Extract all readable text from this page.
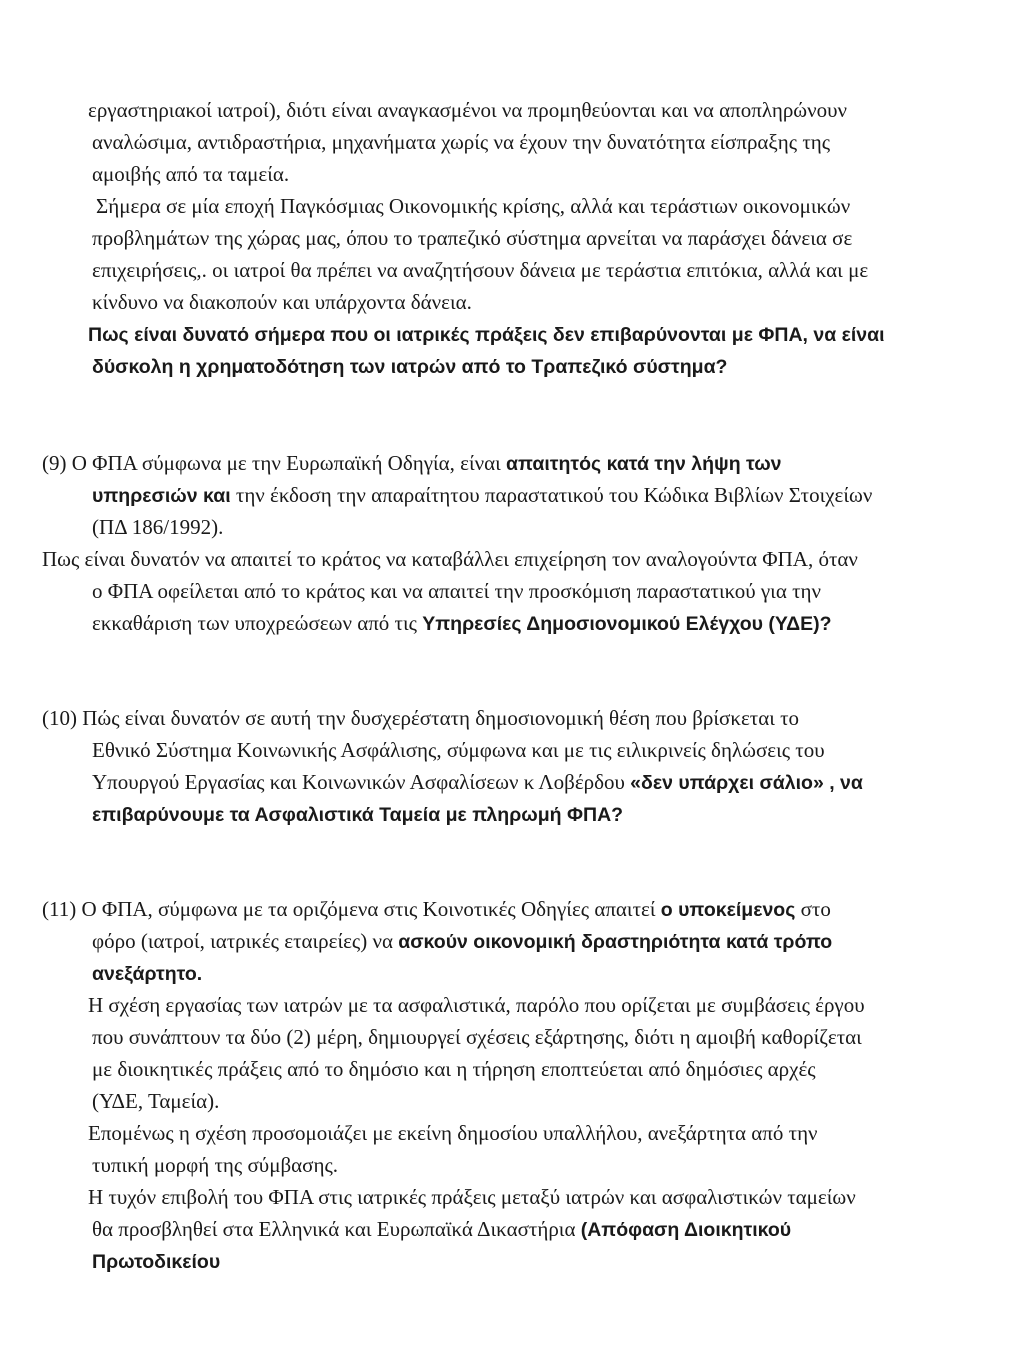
εργαστηριακοί ιατροί), διότι είναι αναγκασμένοι να προμηθεύονται και να αποπληρώνουν
αναλώσιμα, αντιδραστήρια, μηχανήματα χωρίς να έχουν την δυνατότητα είσπραξης της
αμοιβής από τα ταμεία.
Σήμερα σε μία εποχή Παγκόσμιας Οικονομικής κρίσης, αλλά και τεράστιων οικονομικών
προβλημάτων της χώρας μας, όπου το τραπεζικό σύστημα αρνείται να παράσχει δάνεια σε
επιχειρήσεις,. οι ιατροί θα πρέπει να αναζητήσουν δάνεια με τεράστια επιτόκια, αλλά και με
κίνδυνο να διακοπούν και υπάρχοντα δάνεια.
Πως είναι δυνατό σήμερα που οι ιατρικές πράξεις δεν επιβαρύνονται με ΦΠΑ, να είναι
δύσκολη η χρηματοδότηση των ιατρών από το Τραπεζικό σύστημα?
(9) Ο ΦΠΑ σύμφωνα με την Ευρωπαϊκή Οδηγία, είναι απαιτητός κατά την λήψη των
υπηρεσιών και την έκδοση την απαραίτητου παραστατικού του Κώδικα Βιβλίων Στοιχείων
(ΠΔ 186/1992).
Πως είναι δυνατόν να απαιτεί το κράτος να καταβάλλει επιχείρηση τον αναλογούντα ΦΠΑ, όταν
ο ΦΠΑ οφείλεται από το κράτος και να απαιτεί την προσκόμιση παραστατικού για την
εκκαθάριση των υποχρεώσεων από τις Υπηρεσίες Δημοσιονομικού Ελέγχου (ΥΔΕ)?
(10) Πώς είναι δυνατόν σε αυτή την δυσχερέστατη δημοσιονομική θέση που βρίσκεται το
Εθνικό Σύστημα Κοινωνικής Ασφάλισης, σύμφωνα και με τις ειλικρινείς δηλώσεις του
Υπουργού Εργασίας και Κοινωνικών Ασφαλίσεων κ Λοβέρδου «δεν υπάρχει σάλιο» , να
επιβαρύνουμε τα Ασφαλιστικά Ταμεία με πληρωμή ΦΠΑ?
(11) Ο ΦΠΑ, σύμφωνα με τα οριζόμενα στις Κοινοτικές Οδηγίες απαιτεί ο υποκείμενος στο
φόρο (ιατροί, ιατρικές εταιρείες) να ασκούν οικονομική δραστηριότητα κατά τρόπο
ανεξάρτητο.
Η σχέση εργασίας των ιατρών με τα ασφαλιστικά, παρόλο που ορίζεται με συμβάσεις έργου
που συνάπτουν τα δύο (2) μέρη, δημιουργεί σχέσεις εξάρτησης, διότι η αμοιβή καθορίζεται
με διοικητικές πράξεις από το δημόσιο και η τήρηση εποπτεύεται από δημόσιες αρχές
(ΥΔΕ, Ταμεία).
Επομένως η σχέση προσομοιάζει με εκείνη δημοσίου υπαλλήλου, ανεξάρτητα από την
τυπική μορφή της σύμβασης.
Η τυχόν επιβολή του ΦΠΑ στις ιατρικές πράξεις μεταξύ ιατρών και ασφαλιστικών ταμείων
θα προσβληθεί στα Ελληνικά και Ευρωπαϊκά Δικαστήρια (Απόφαση Διοικητικού
Πρωτοδικείου
